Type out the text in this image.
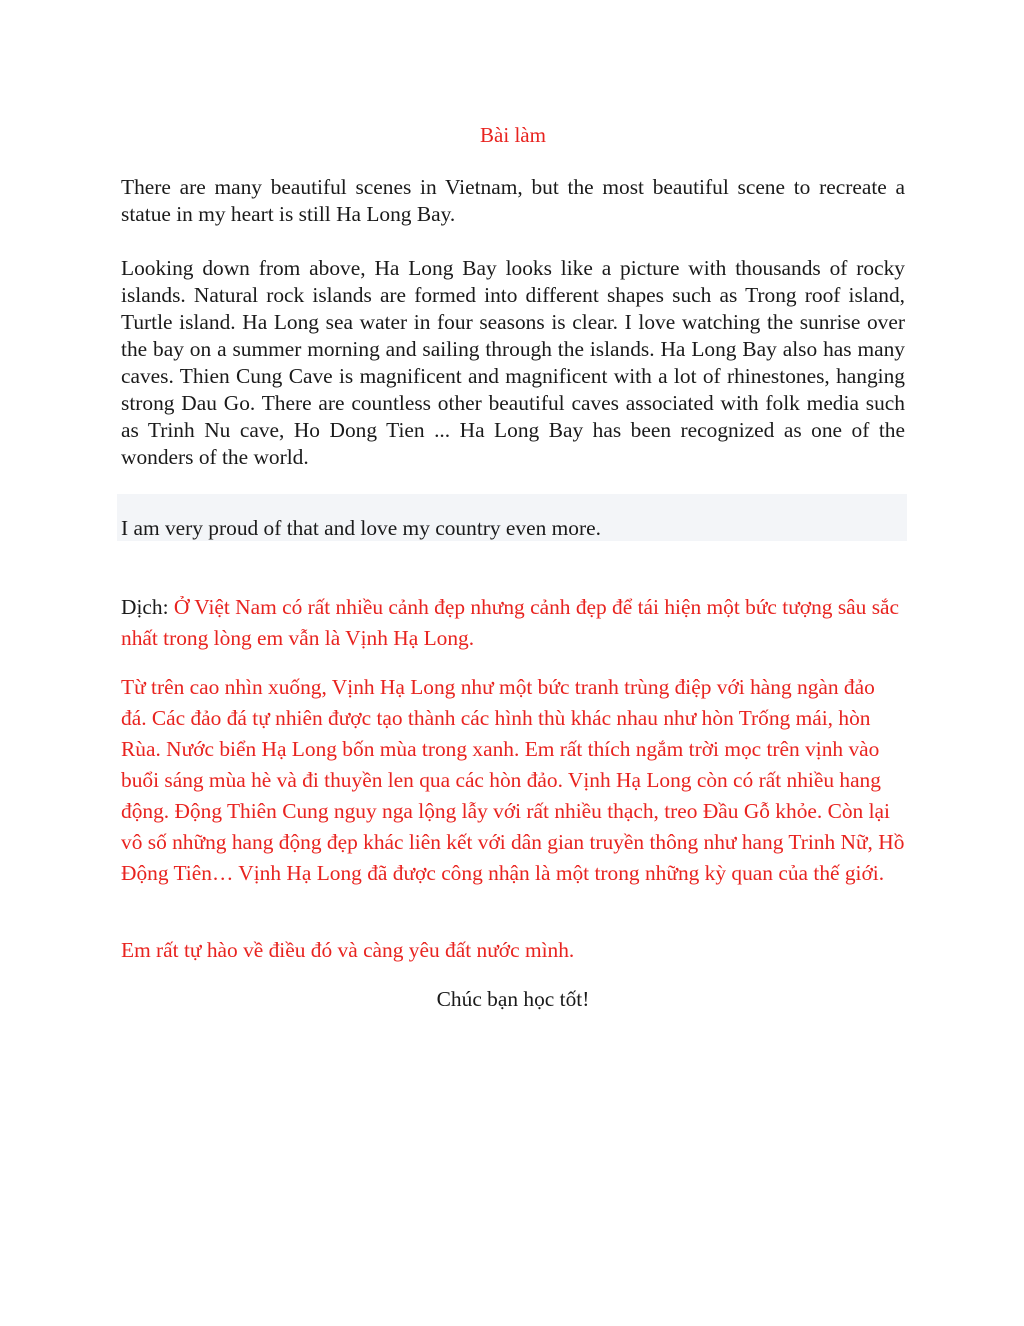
Bài làm

There are many beautiful scenes in Vietnam, but the most beautiful scene to recreate a statue in my heart is still Ha Long Bay.

Looking down from above, Ha Long Bay looks like a picture with thousands of rocky islands. Natural rock islands are formed into different shapes such as Trong roof island, Turtle island. Ha Long sea water in four seasons is clear. I love watching the sunrise over the bay on a summer morning and sailing through the islands. Ha Long Bay also has many caves. Thien Cung Cave is magnificent and magnificent with a lot of rhinestones, hanging strong Dau Go. There are countless other beautiful caves associated with folk media such as Trinh Nu cave, Ho Dong Tien ... Ha Long Bay has been recognized as one of the wonders of the world.

I am very proud of that and love my country even more.

Dịch: Ở Việt Nam có rất nhiều cảnh đẹp nhưng cảnh đẹp để tái hiện một bức tượng sâu sắc nhất trong lòng em vẫn là Vịnh Hạ Long.

Từ trên cao nhìn xuống, Vịnh Hạ Long như một bức tranh trùng điệp với hàng ngàn đảo đá. Các đảo đá tự nhiên được tạo thành các hình thù khác nhau như hòn Trống mái, hòn Rùa. Nước biển Hạ Long bốn mùa trong xanh. Em rất thích ngắm trời mọc trên vịnh vào buổi sáng mùa hè và đi thuyền len qua các hòn đảo. Vịnh Hạ Long còn có rất nhiều hang động. Động Thiên Cung nguy nga lộng lẫy với rất nhiều thạch, treo Đầu Gỗ khỏe. Còn lại vô số những hang động đẹp khác liên kết với dân gian truyền thông như hang Trinh Nữ, Hồ Động Tiên… Vịnh Hạ Long đã được công nhận là một trong những kỳ quan của thế giới.

Em rất tự hào về điều đó và càng yêu đất nước mình.

Chúc bạn học tốt!
